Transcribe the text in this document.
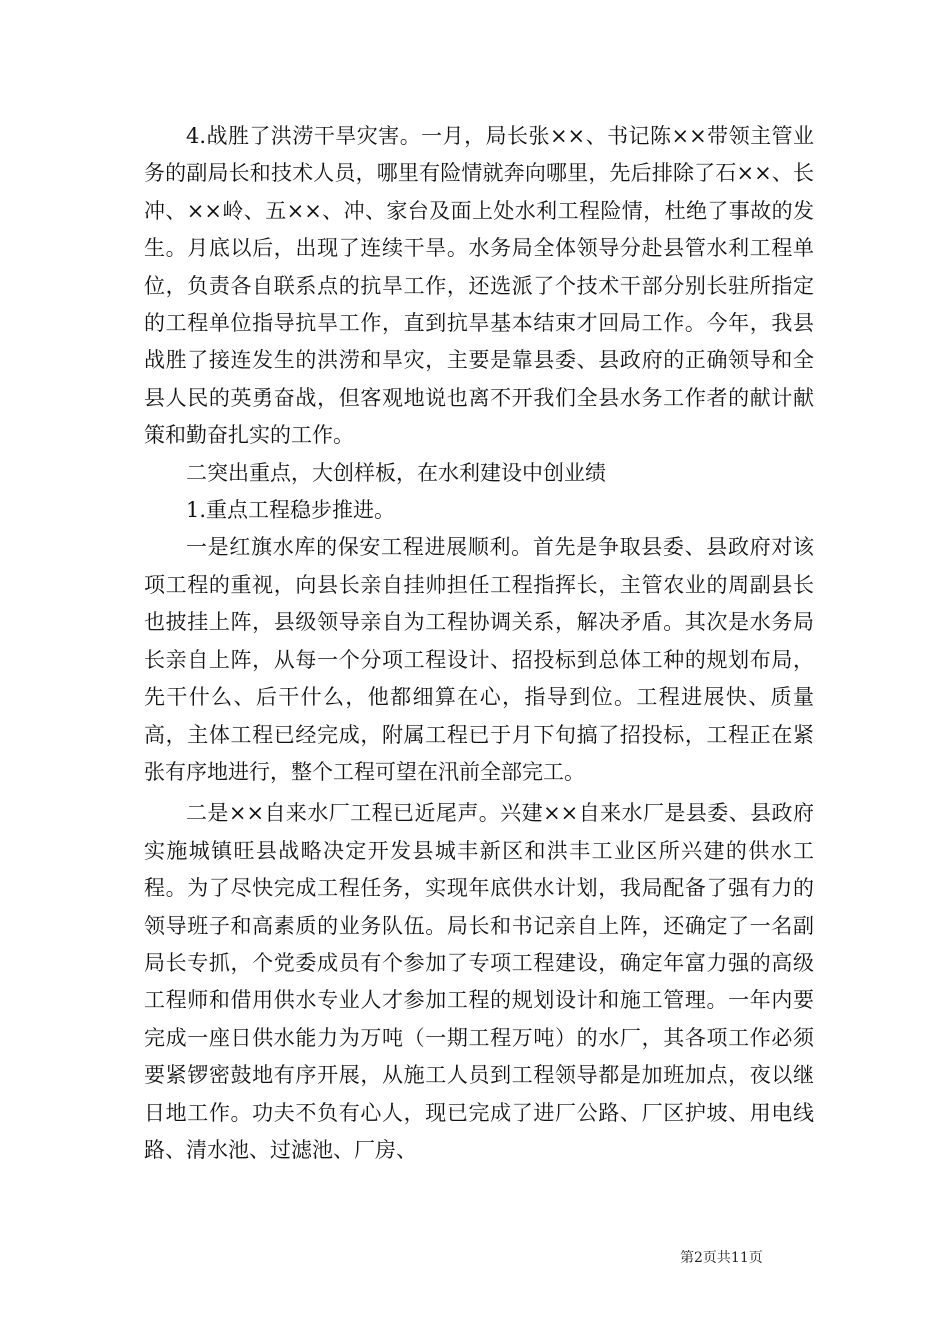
4.战胜了洪涝干旱灾害。一月，局长张××、书记陈××带领主管业务的副局长和技术人员，哪里有险情就奔向哪里，先后排除了石××、长冲、××岭、五××、冲、家台及面上处水利工程险情，杜绝了事故的发生。月底以后，出现了连续干旱。水务局全体领导分赴县管水利工程单位，负责各自联系点的抗旱工作，还选派了个技术干部分别长驻所指定的工程单位指导抗旱工作，直到抗旱基本结束才回局工作。今年，我县战胜了接连发生的洪涝和旱灾，主要是靠县委、县政府的正确领导和全县人民的英勇奋战，但客观地说也离不开我们全县水务工作者的献计献策和勤奋扎实的工作。

二突出重点，大创样板，在水利建设中创业绩

1.重点工程稳步推进。

一是红旗水库的保安工程进展顺利。首先是争取县委、县政府对该项工程的重视，向县长亲自挂帅担任工程指挥长，主管农业的周副县长也披挂上阵，县级领导亲自为工程协调关系，解决矛盾。其次是水务局长亲自上阵，从每一个分项工程设计、招投标到总体工种的规划布局，先干什么、后干什么，他都细算在心，指导到位。工程进展快、质量高，主体工程已经完成，附属工程已于月下旬搞了招投标，工程正在紧张有序地进行，整个工程可望在汛前全部完工。

二是××自来水厂工程已近尾声。兴建××自来水厂是县委、县政府实施城镇旺县战略决定开发县城丰新区和洪丰工业区所兴建的供水工程。为了尽快完成工程任务，实现年底供水计划，我局配备了强有力的领导班子和高素质的业务队伍。局长和书记亲自上阵，还确定了一名副局长专抓，个党委成员有个参加了专项工程建设，确定年富力强的高级工程师和借用供水专业人才参加工程的规划设计和施工管理。一年内要完成一座日供水能力为万吨（一期工程万吨）的水厂，其各项工作必须要紧锣密鼓地有序开展，从施工人员到工程领导都是加班加点，夜以继日地工作。功夫不负有心人，现已完成了进厂公路、厂区护坡、用电线路、清水池、过滤池、厂房、

第2页共11页
